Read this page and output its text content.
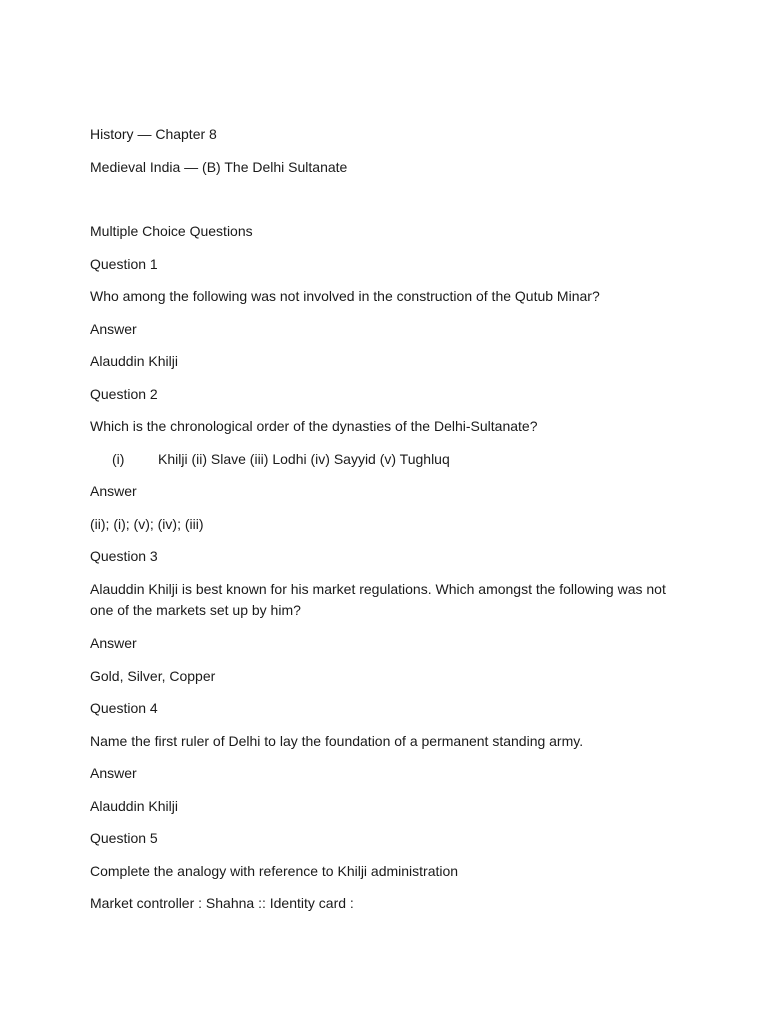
History — Chapter 8
Medieval India — (B) The Delhi Sultanate
Multiple Choice Questions
Question 1
Who among the following was not involved in the construction of the Qutub Minar?
Answer
Alauddin Khilji
Question 2
Which is the chronological order of the dynasties of the Delhi-Sultanate?
(i)	Khilji (ii) Slave (iii) Lodhi (iv) Sayyid (v) Tughluq
Answer
(ii); (i); (v); (iv); (iii)
Question 3
Alauddin Khilji is best known for his market regulations. Which amongst the following was not one of the markets set up by him?
Answer
Gold, Silver, Copper
Question 4
Name the first ruler of Delhi to lay the foundation of a permanent standing army.
Answer
Alauddin Khilji
Question 5
Complete the analogy with reference to Khilji administration
Market controller : Shahna :: Identity card :
